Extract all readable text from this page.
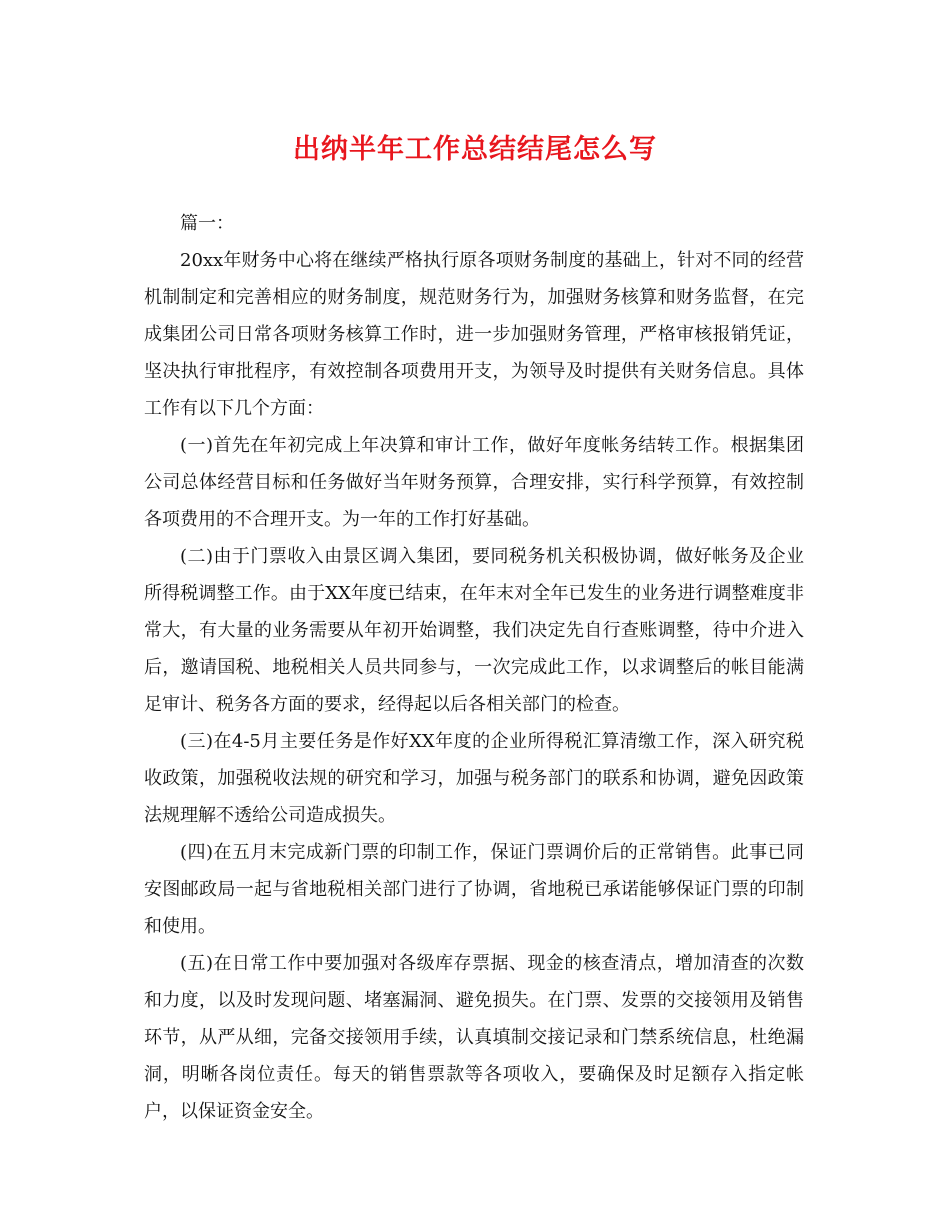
出纳半年工作总结结尾怎么写

篇一：

20xx年财务中心将在继续严格执行原各项财务制度的基础上，针对不同的经营机制制定和完善相应的财务制度，规范财务行为，加强财务核算和财务监督，在完成集团公司日常各项财务核算工作时，进一步加强财务管理，严格审核报销凭证，坚决执行审批程序，有效控制各项费用开支，为领导及时提供有关财务信息。具体工作有以下几个方面：

(一)首先在年初完成上年决算和审计工作，做好年度帐务结转工作。根据集团公司总体经营目标和任务做好当年财务预算，合理安排，实行科学预算，有效控制各项费用的不合理开支。为一年的工作打好基础。

(二)由于门票收入由景区调入集团，要同税务机关积极协调，做好帐务及企业所得税调整工作。由于XX年度已结束，在年末对全年已发生的业务进行调整难度非常大，有大量的业务需要从年初开始调整，我们决定先自行查账调整，待中介进入后，邀请国税、地税相关人员共同参与，一次完成此工作，以求调整后的帐目能满足审计、税务各方面的要求，经得起以后各相关部门的检查。

(三)在4-5月主要任务是作好XX年度的企业所得税汇算清缴工作，深入研究税收政策，加强税收法规的研究和学习，加强与税务部门的联系和协调，避免因政策法规理解不透给公司造成损失。

(四)在五月末完成新门票的印制工作，保证门票调价后的正常销售。此事已同安图邮政局一起与省地税相关部门进行了协调，省地税已承诺能够保证门票的印制和使用。

(五)在日常工作中要加强对各级库存票据、现金的核查清点，增加清查的次数和力度，以及时发现问题、堵塞漏洞、避免损失。在门票、发票的交接领用及销售环节，从严从细，完备交接领用手续，认真填制交接记录和门禁系统信息，杜绝漏洞，明晰各岗位责任。每天的销售票款等各项收入，要确保及时足额存入指定帐户，以保证资金安全。
